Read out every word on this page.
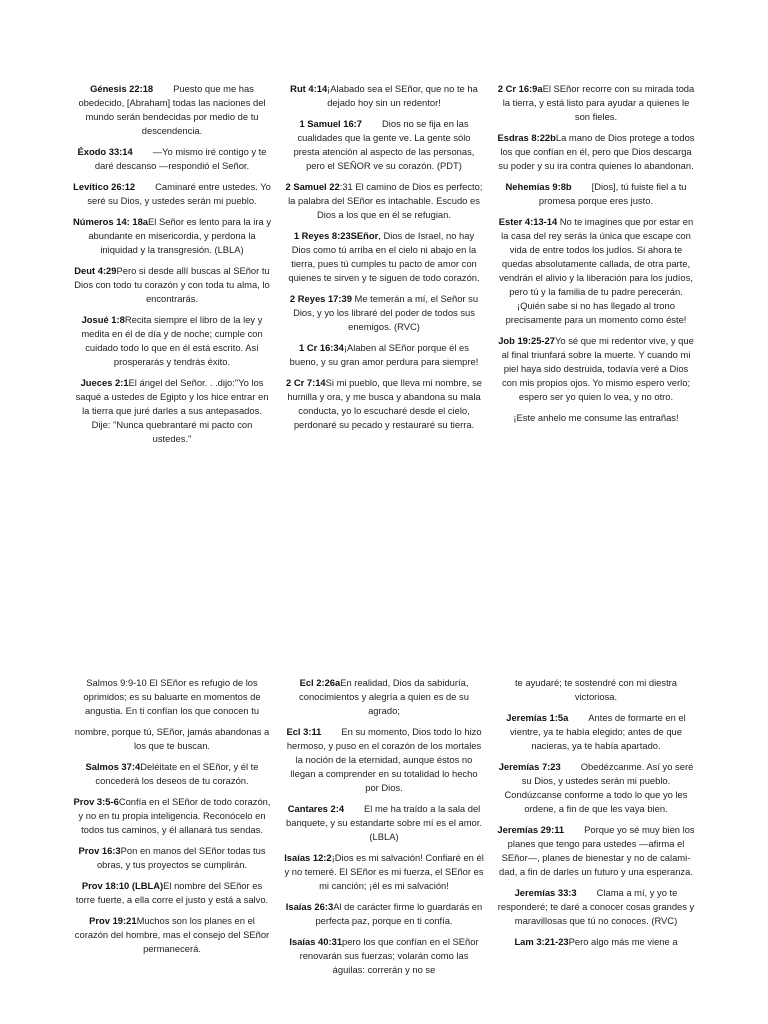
Génesis 22:18 Puesto que me has obedecido, [Abraham] todas las naciones del mundo serán bendecidas por medio de tu descendencia.
Éxodo 33:14 —Yo mismo iré contigo y te daré descanso —respondió el Señor.
Levítico 26:12 Caminaré entre ustedes. Yo seré su Dios, y ustedes serán mi pueblo.
Números 14: 18aEl Señor es lento para la ira y abundante en misericordia, y perdona la iniquidad y la transgresión. (LBLA)
Deut 4:29Pero si desde allí buscas al SEñor tu Dios con todo tu corazón y con toda tu alma, lo encontrarás.
Josué 1:8Recita siempre el libro de la ley y medita en él de día y de noche; cumple con cuidado todo lo que en él está escrito. Así prosperarás y tendrás éxito.
Jueces 2:1El ángel del Señor. . .dijo:"Yo los saqué a ustedes de Egipto y los hice entrar en la tierra que juré darles a sus antepasados. Dije: "Nunca quebrantaré mi pacto con ustedes."
Rut 4:14¡Alabado sea el SEñor, que no te ha dejado hoy sin un redentor!
1 Samuel 16:7 Dios no se fija en las cualidades que la gente ve. La gente sólo presta atención al aspecto de las personas, pero el SEÑOR ve su corazón. (PDT)
2 Samuel 22:31 El camino de Dios es perfecto; la palabra del SEñor es intachable. Escudo es Dios a los que en él se refugian.
1 Reyes 8:23SEñor, Dios de Israel, no hay Dios como tú arriba en el cielo ni abajo en la tierra, pues tú cumples tu pacto de amor con quienes te sirven y te siguen de todo corazón.
2 Reyes 17:39 Me temerán a mí, el Señor su Dios, y yo los libraré del poder de todos sus enemigos. (RVC)
1 Cr 16:34¡Alaben al SEñor porque él es bueno, y su gran amor perdura para siempre!
2 Cr 7:14Si mi pueblo, que lleva mi nombre, se humilla y ora, y me busca y abandona su mala conducta, yo lo escucharé desde el cielo, perdonaré su pecado y restauraré su tierra.
2 Cr 16:9aEl SEñor recorre con su mirada toda la tierra, y está listo para ayudar a quienes le son fieles.
Esdras 8:22bLa mano de Dios protege a todos los que confían en él, pero que Dios descarga su poder y su ira contra quienes lo abandonan.
Nehemías 9:8b [Dios], tú fuiste fiel a tu promesa porque eres justo.
Ester 4:13-14 No te imagines que por estar en la casa del rey serás la única que escape con vida de entre todos los judíos. Si ahora te quedas absolutamente callada, de otra parte, vendrán el alivio y la liberación para los judíos, pero tú y la familia de tu padre perecerán. ¡Quién sabe si no has llegado al trono precisamente para un momento como éste!
Job 19:25-27Yo sé que mi redentor vive, y que al final triunfará sobre la muerte. Y cuando mi piel haya sido destruida, todavía veré a Dios con mis propios ojos. Yo mismo espero verlo; espero ser yo quien lo vea, y no otro.
¡Este anhelo me consume las entrañas!
Salmos 9:9-10 El SEñor es refugio de los oprimidos; es su baluarte en momentos de angustia. En ti confían los que conocen tu
nombre, porque tú, SEñor, jamás abandonas a los que te buscan.
Salmos 37:4Deléitate en el SEñor, y él te concederá los deseos de tu corazón.
Prov 3:5-6Confía en el SEñor de todo corazón, y no en tu propia inteligencia. Reconócelo en todos tus caminos, y él allanará tus sendas.
Prov 16:3Pon en manos del SEñor todas tus obras, y tus proyectos se cumplirán.
Prov 18:10 (LBLA)El nombre del SEñor es torre fuerte, a ella corre el justo y está a salvo.
Prov 19:21Muchos son los planes en el corazón del hombre, mas el consejo del SEñor permanecerá.
Ecl 2:26aEn realidad, Dios da sabiduría, conocimientos y alegría a quien es de su agrado;
Ecl 3:11 En su momento, Dios todo lo hizo hermoso, y puso en el corazón de los mortales la noción de la eternidad, aunque éstos no llegan a comprender en su totalidad lo hecho por Dios.
Cantares 2:4 El me ha traído a la sala del banquete, y su estandarte sobre mí es el amor. (LBLA)
Isaías 12:2¡Dios es mi salvación! Confiaré en él y no temeré. El SEñor es mi fuerza, el SEñor es mi canción; ¡él es mi salvación!
Isaías 26:3Al de carácter firme lo guardarás en perfecta paz, porque en ti confía.
Isaías 40:31pero los que confían en el SEñor renovarán sus fuerzas; volarán como las águilas: correrán y no se
te ayudaré; te sostendré con mi diestra victoriosa.
Jeremías 1:5a Antes de formarte en el vientre, ya te había elegido; antes de que nacieras, ya te había apartado.
Jeremías 7:23 Obedézcanme. Así yo seré su Dios, y ustedes serán mi pueblo. Condúzcanse conforme a todo lo que yo les ordene, a fin de que les vaya bien.
Jeremías 29:11 Porque yo sé muy bien los planes que tengo para ustedes —afirma el SEñor—, planes de bienestar y no de calami- dad, a fin de darles un futuro y una esperanza.
Jeremías 33:3 Clama a mí, y yo te responderé; te daré a conocer cosas grandes y maravillosas que tú no conoces. (RVC)
Lam 3:21-23Pero algo más me viene a
